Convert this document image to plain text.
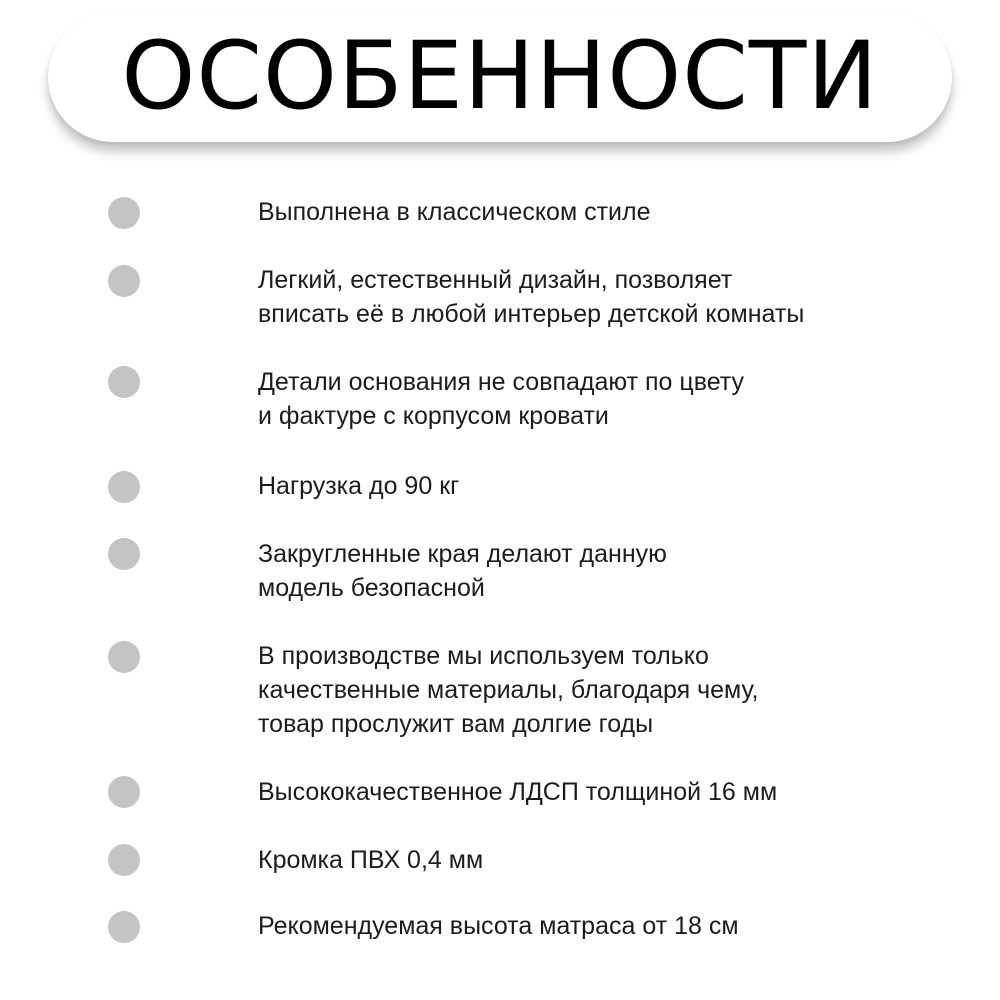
ОСОБЕННОСТИ
Выполнена в классическом стиле
Легкий, естественный дизайн, позволяет
вписать её в любой интерьер детской комнаты
Детали основания не совпадают по цвету
и фактуре с корпусом кровати
Нагрузка до 90 кг
Закругленные края делают данную
модель безопасной
В производстве мы используем только
качественные материалы, благодаря чему,
товар прослужит вам долгие годы
Высококачественное ЛДСП толщиной 16 мм
Кромка ПВХ 0,4 мм
Рекомендуемая высота матраса от 18 см
